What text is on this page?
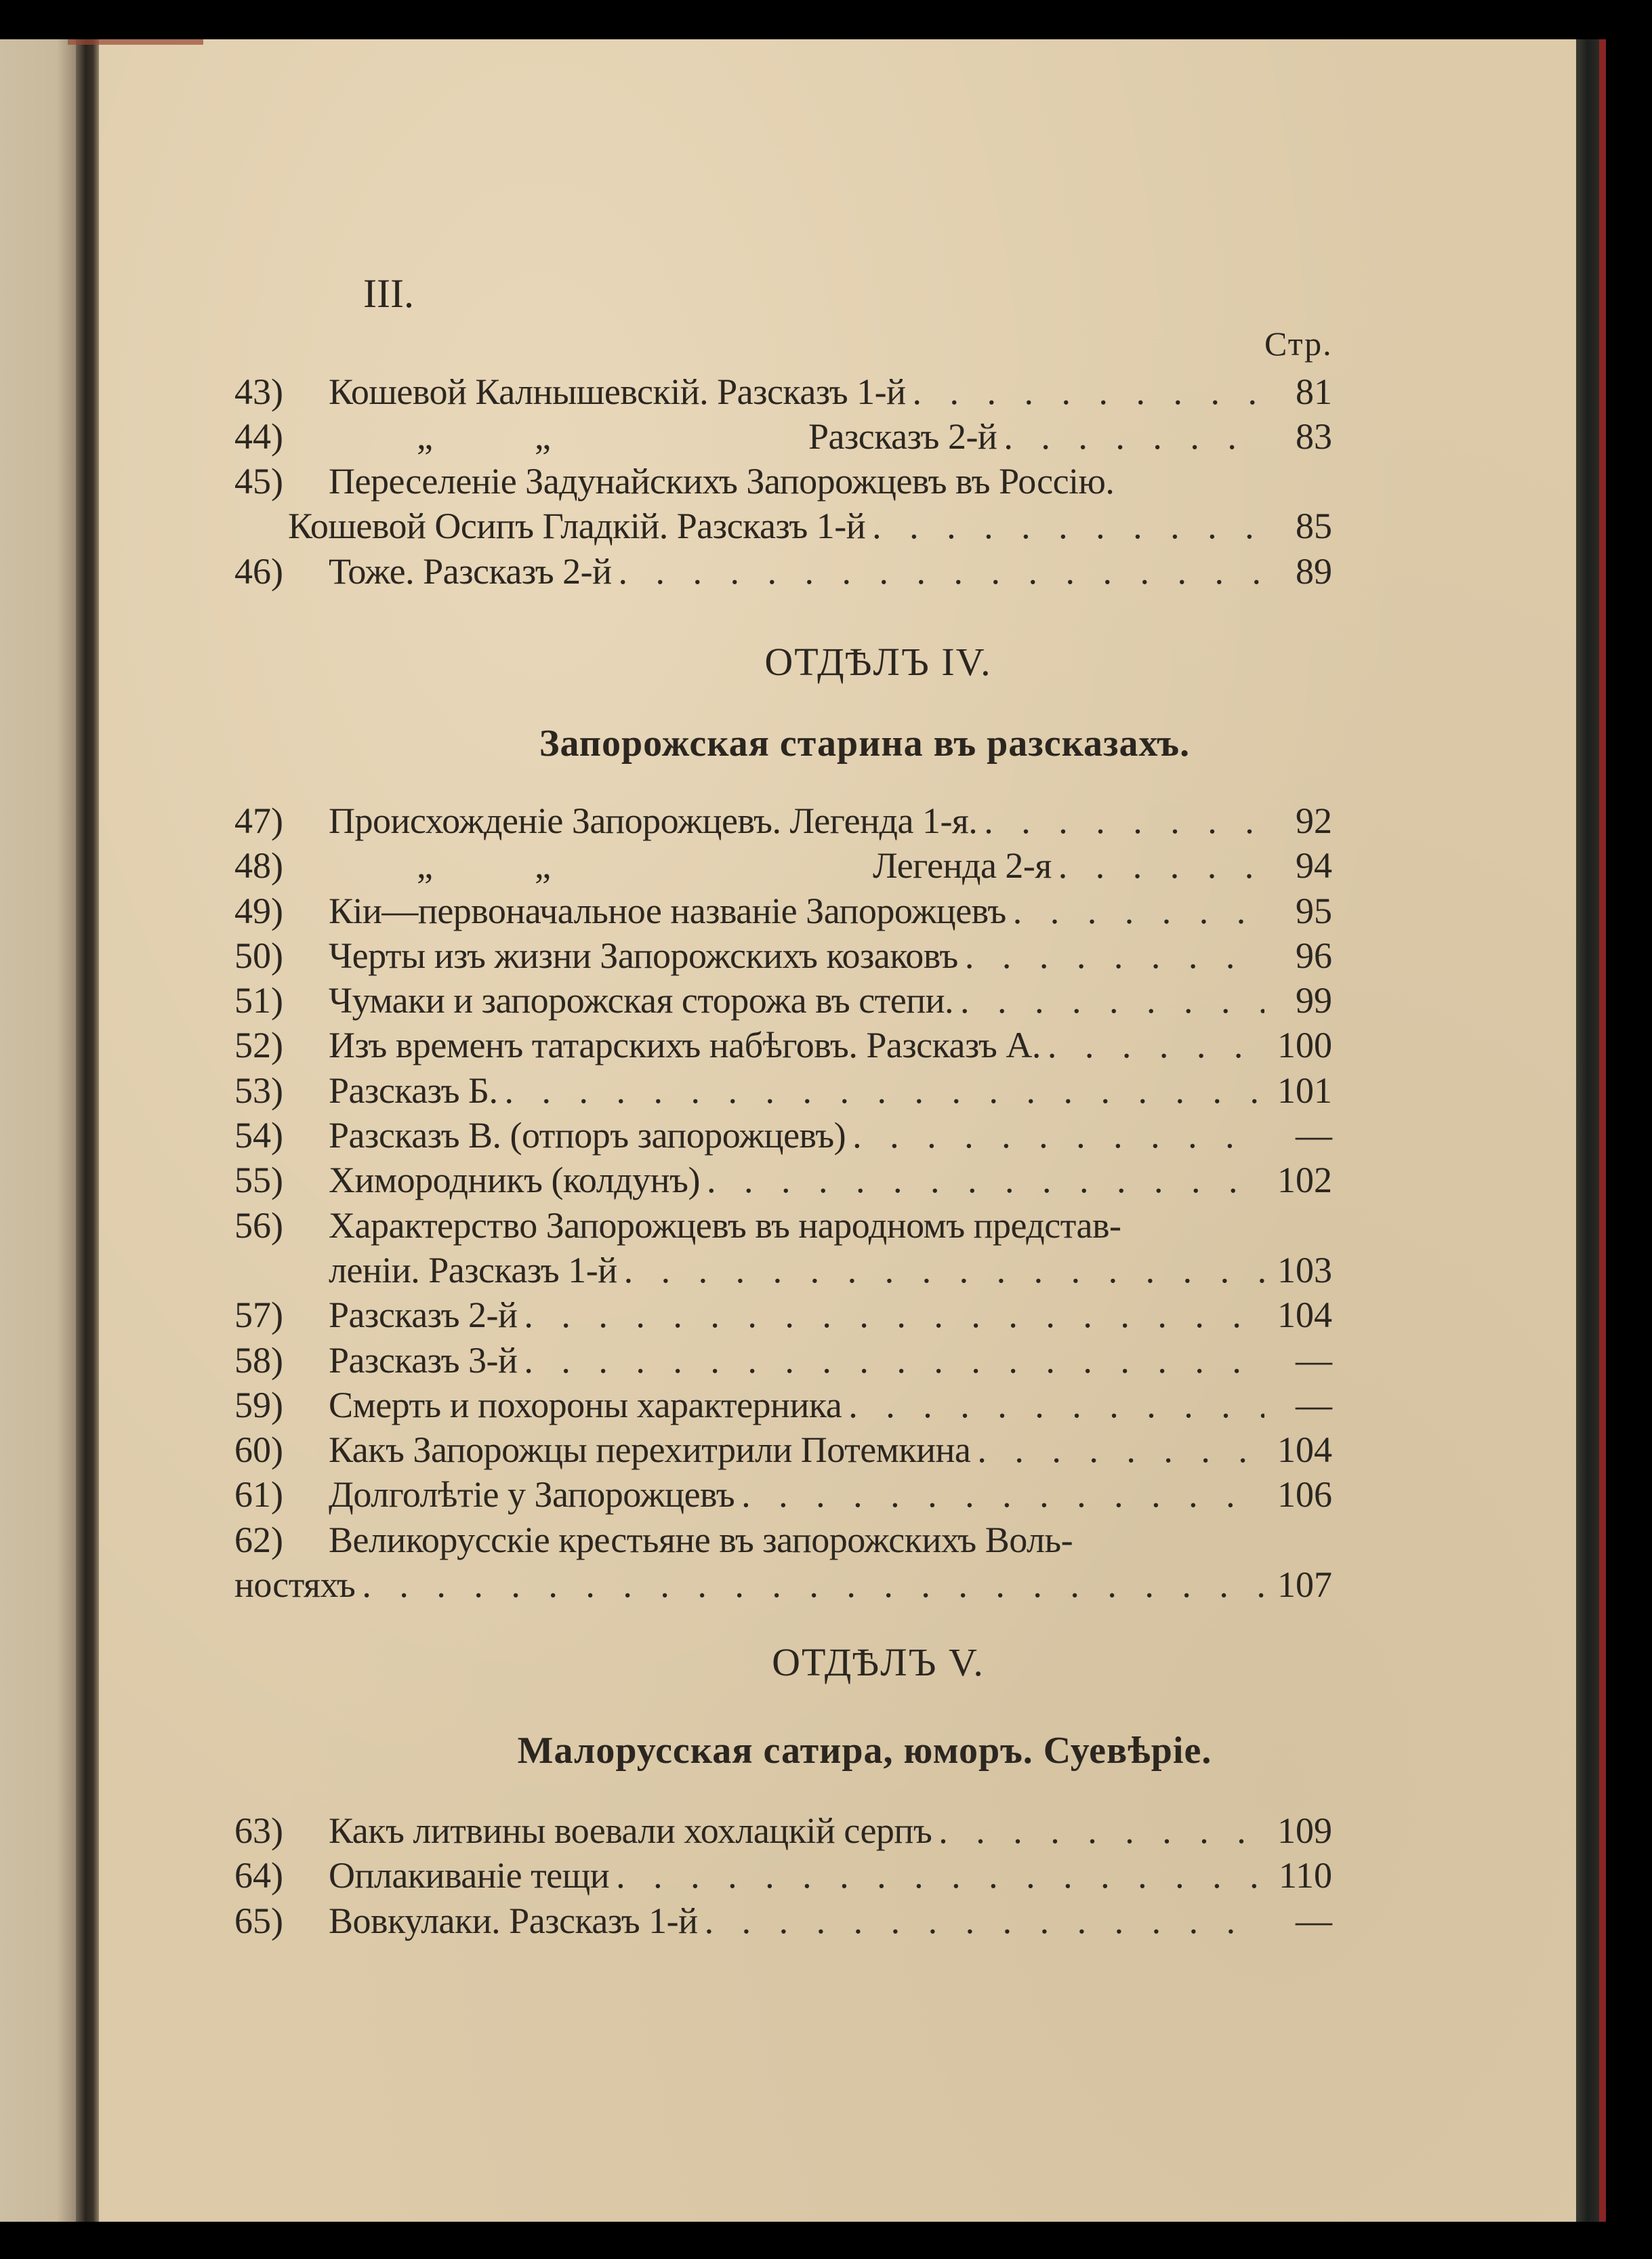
III.
Стр.
43)	Кошевой Калнышевскій. Разсказъ 1-й . . .	81
44)	„	„	Разсказъ 2-й . . .	83
45)	Переселеніе Задунайскихъ Запорожцевъ въ Россію.
Кошевой Осипъ Гладкій. Разсказъ 1-й . . .	85
46)	Тоже. Разсказъ 2-й . . .	89
ОТДѢЛЪ IV.
Запорожская старина въ разсказахъ.
47)	Происхожденіе Запорожцевъ. Легенда 1-я. . . .	92
48)	„	„	Легенда 2-я . . .	94
49)	Кіи—первоначальное названіе Запорожцевъ . . .	95
50)	Черты изъ жизни Запорожскихъ козаковъ . . .	96
51)	Чумаки и запорожская сторожа въ степи. . . .	99
52)	Изъ временъ татарскихъ набѣговъ. Разсказъ А. . . .	100
53)	Разсказъ Б. . . .	101
54)	Разсказъ В. (отпоръ запорожцевъ) . . .	—
55)	Химородникъ (колдунъ) . . .	102
56)	Характерство Запорожцевъ въ народномъ представ-
леніи. Разсказъ 1-й . . .	103
57)	Разсказъ 2-й . . .	104
58)	Разсказъ 3-й . . .	—
59)	Смерть и похороны характерника . . .	—
60)	Какъ Запорожцы перехитрили Потемкина . . .	104
61)	Долголѣтіе у Запорожцевъ . . .	106
62)	Великорусскіе крестьяне въ запорожскихъ Воль-
ностяхъ . . .	107
ОТДѢЛЪ V.
Малорусская сатира, юморъ. Суевѣріе.
63)	Какъ литвины воевали хохлацкій серпъ . . .	109
64)	Оплакиваніе тещи . . .	110
65)	Вовкулаки. Разсказъ 1-й . . .	—
